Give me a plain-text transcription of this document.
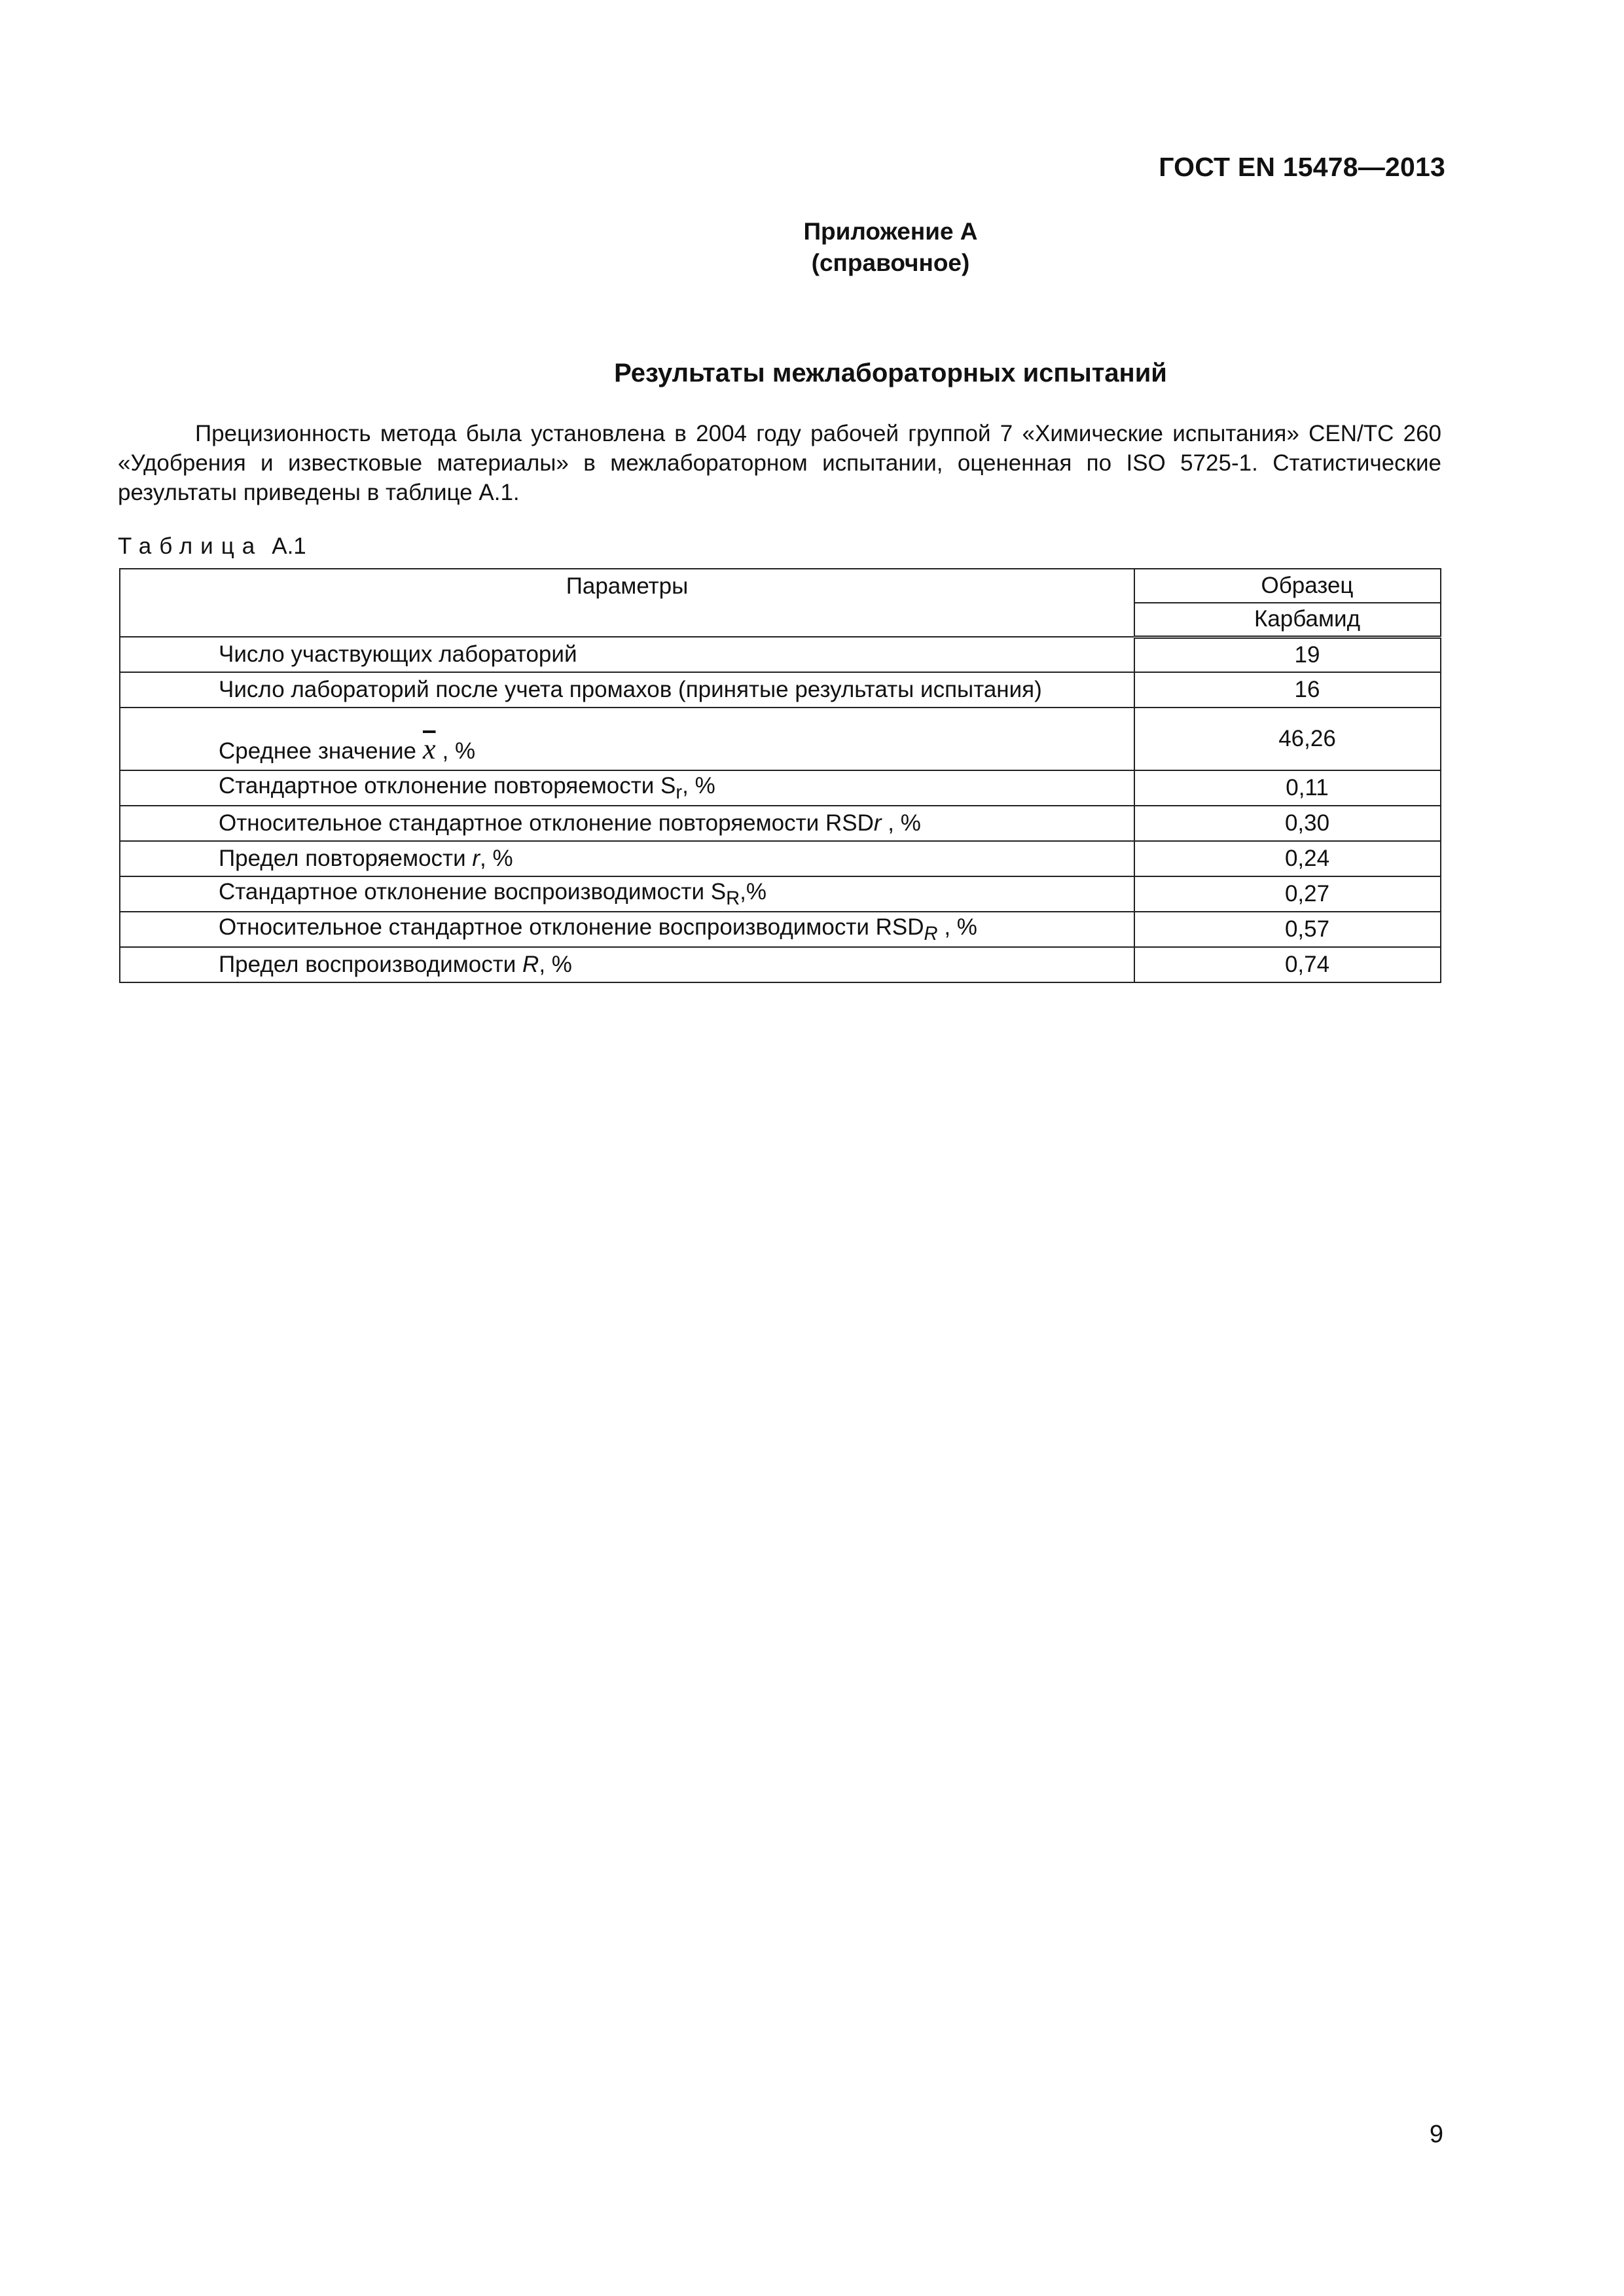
ГОСТ EN 15478—2013
Приложение А
(справочное)
Результаты межлабораторных испытаний

Прецизионность метода была установлена в 2004 году рабочей группой 7 «Химические испытания» CEN/TC 260 «Удобрения и известковые материалы» в межлабораторном испытании, оцененная по ISO 5725-1. Статистические результаты приведены в таблице А.1.

Таблица А.1
Параметры	Образец
	Карбамид
Число участвующих лабораторий	19
Число лабораторий после учета промахов (принятые результаты испытания)	16
Среднее значение $\overline{x}$ , %	46,26
Стандартное отклонение повторяемости $S_r$, %	0,11
Относительное стандартное отклонение повторяемости RSDr , %	0,30
Предел повторяемости r, %	0,24
Стандартное отклонение воспроизводимости $S_R,\%$	0,27
Относительное стандартное отклонение воспроизводимости $RSD_R$ , %	0,57
Предел воспроизводимости R, %	0,74
9
